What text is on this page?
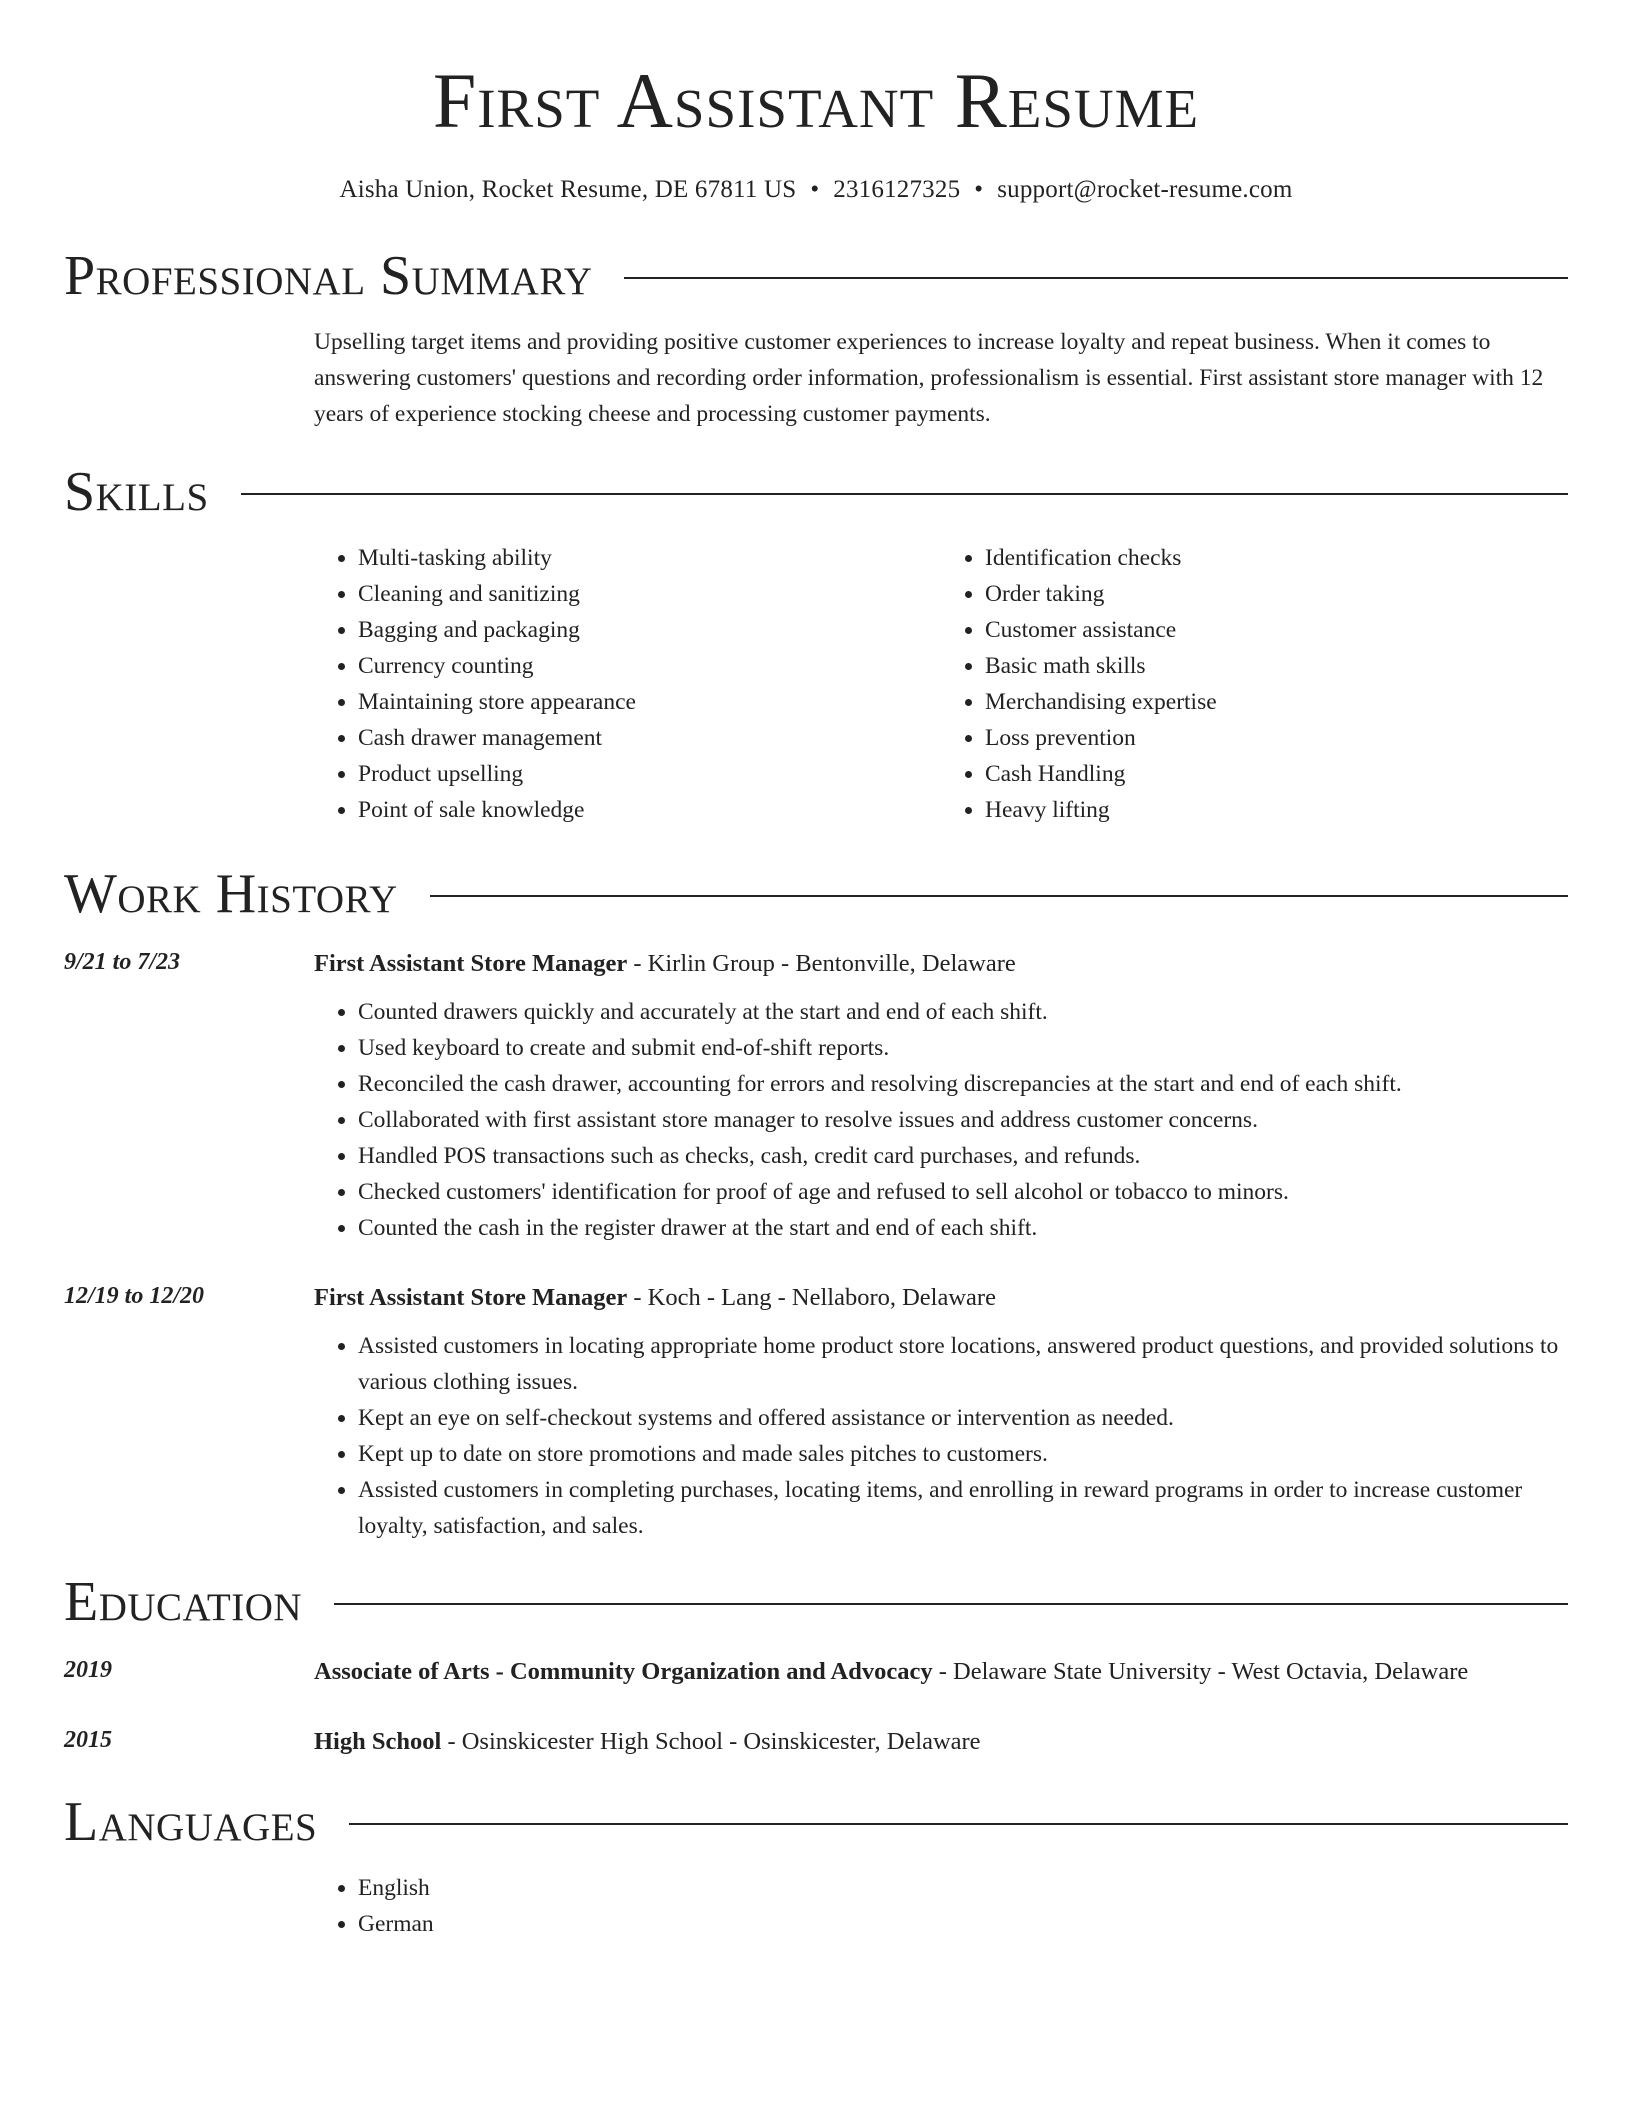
First Assistant Resume
Aisha Union, Rocket Resume, DE 67811 US • 2316127325 • support@rocket-resume.com
Professional Summary
Upselling target items and providing positive customer experiences to increase loyalty and repeat business. When it comes to answering customers' questions and recording order information, professionalism is essential. First assistant store manager with 12 years of experience stocking cheese and processing customer payments.
Skills
• Multi-tasking ability
• Cleaning and sanitizing
• Bagging and packaging
• Currency counting
• Maintaining store appearance
• Cash drawer management
• Product upselling
• Point of sale knowledge
• Identification checks
• Order taking
• Customer assistance
• Basic math skills
• Merchandising expertise
• Loss prevention
• Cash Handling
• Heavy lifting
Work History
9/21 to 7/23	First Assistant Store Manager - Kirlin Group - Bentonville, Delaware
• Counted drawers quickly and accurately at the start and end of each shift.
• Used keyboard to create and submit end-of-shift reports.
• Reconciled the cash drawer, accounting for errors and resolving discrepancies at the start and end of each shift.
• Collaborated with first assistant store manager to resolve issues and address customer concerns.
• Handled POS transactions such as checks, cash, credit card purchases, and refunds.
• Checked customers' identification for proof of age and refused to sell alcohol or tobacco to minors.
• Counted the cash in the register drawer at the start and end of each shift.
12/19 to 12/20	First Assistant Store Manager - Koch - Lang - Nellaboro, Delaware
• Assisted customers in locating appropriate home product store locations, answered product questions, and provided solutions to various clothing issues.
• Kept an eye on self-checkout systems and offered assistance or intervention as needed.
• Kept up to date on store promotions and made sales pitches to customers.
• Assisted customers in completing purchases, locating items, and enrolling in reward programs in order to increase customer loyalty, satisfaction, and sales.
Education
2019	Associate of Arts - Community Organization and Advocacy - Delaware State University - West Octavia, Delaware
2015	High School - Osinskicester High School - Osinskicester, Delaware
Languages
• English
• German
